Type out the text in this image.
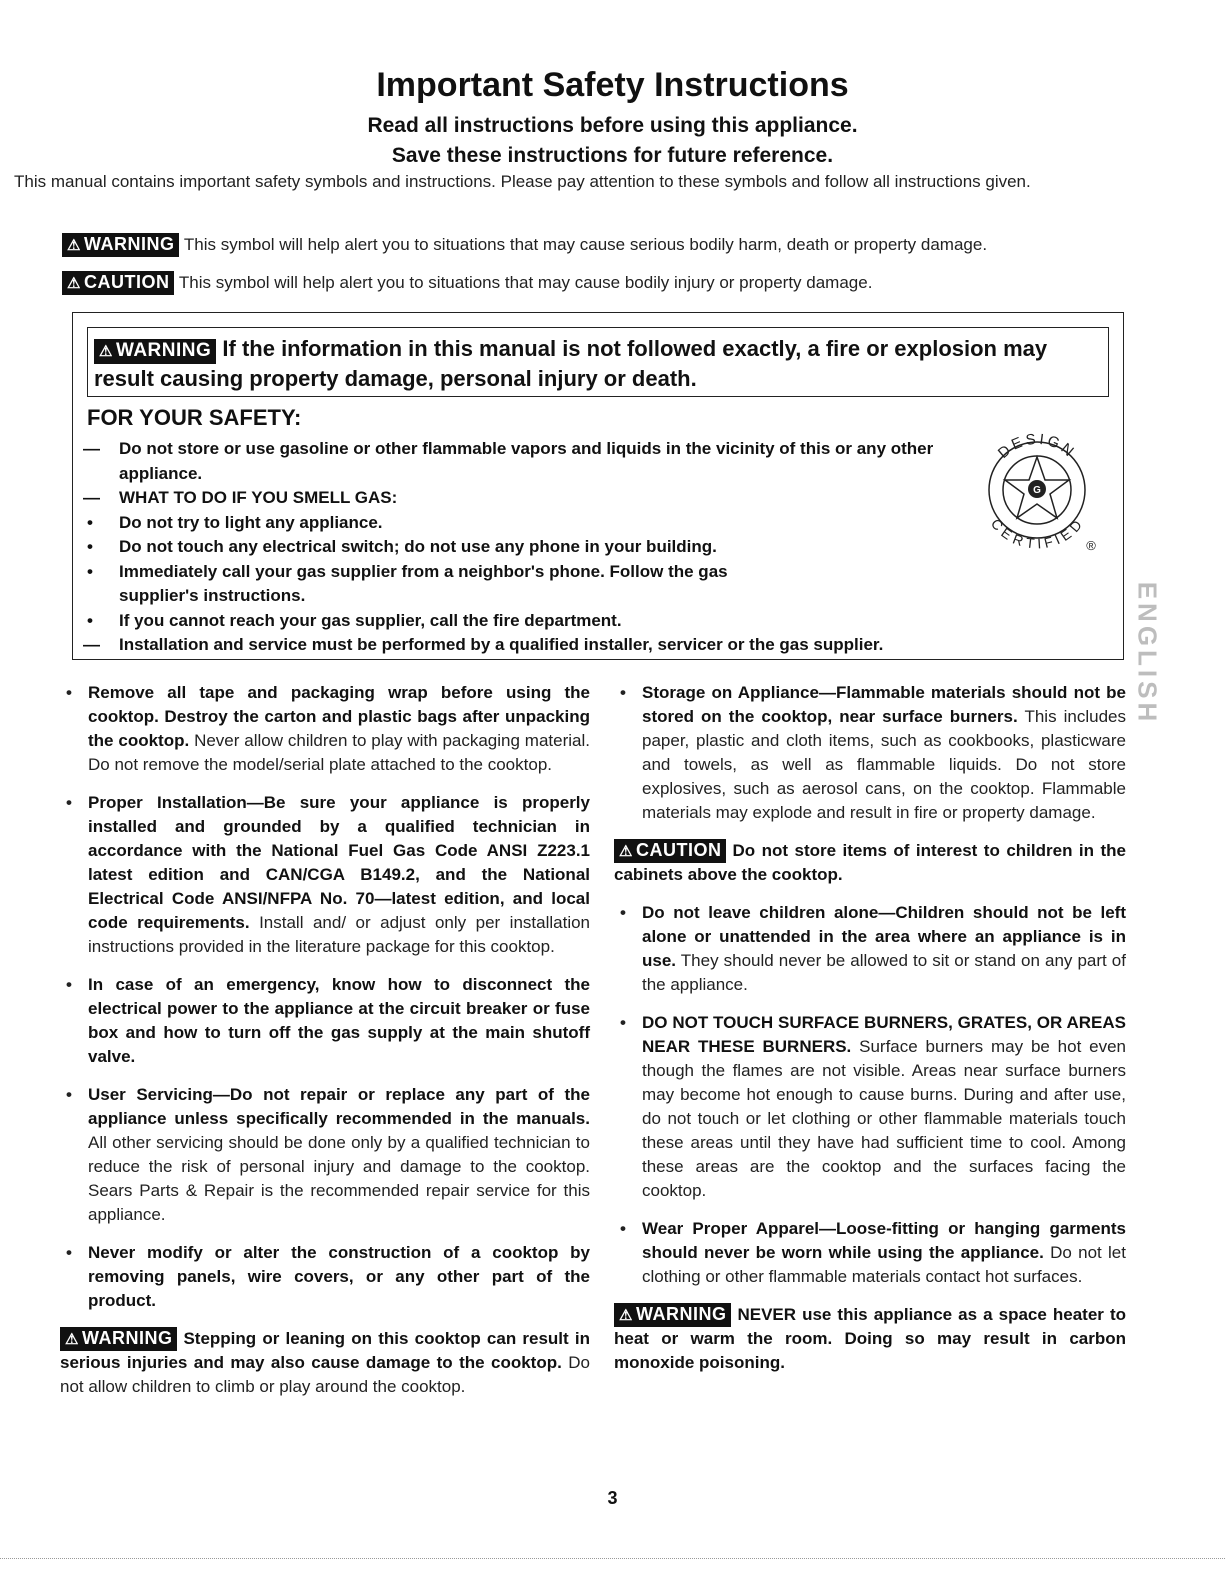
Important Safety Instructions
Read all instructions before using this appliance.
Save these instructions for future reference.
This manual contains important safety symbols and instructions. Please pay attention to these symbols and follow all instructions given.
⚠ WARNING This symbol will help alert you to situations that may cause serious bodily harm, death or property damage.
⚠ CAUTION This symbol will help alert you to situations that may cause bodily injury or property damage.
⚠ WARNING If the information in this manual is not followed exactly, a fire or explosion may result causing property damage, personal injury or death.
FOR YOUR SAFETY:
— Do not store or use gasoline or other flammable vapors and liquids in the vicinity of this or any other appliance.
— WHAT TO DO IF YOU SMELL GAS:
• Do not try to light any appliance.
• Do not touch any electrical switch; do not use any phone in your building.
• Immediately call your gas supplier from a neighbor's phone. Follow the gas supplier's instructions.
• If you cannot reach your gas supplier, call the fire department.
— Installation and service must be performed by a qualified installer, servicer or the gas supplier.
G
DESIGN
CERTIFIED
®
ENGLISH
• Remove all tape and packaging wrap before using the cooktop. Destroy the carton and plastic bags after unpacking the cooktop. Never allow children to play with packaging material. Do not remove the model/serial plate attached to the cooktop.
• Proper Installation—Be sure your appliance is properly installed and grounded by a qualified technician in accordance with the National Fuel Gas Code ANSI Z223.1 latest edition and CAN/CGA B149.2, and the National Electrical Code ANSI/NFPA No. 70—latest edition, and local code requirements. Install and/ or adjust only per installation instructions provided in the literature package for this cooktop.
• In case of an emergency, know how to disconnect the electrical power to the appliance at the circuit breaker or fuse box and how to turn off the gas supply at the main shutoff valve.
• User Servicing—Do not repair or replace any part of the appliance unless specifically recommended in the manuals. All other servicing should be done only by a qualified technician to reduce the risk of personal injury and damage to the cooktop. Sears Parts & Repair is the recommended repair service for this appliance.
• Never modify or alter the construction of a cooktop by removing panels, wire covers, or any other part of the product.

⚠ WARNING Stepping or leaning on this cooktop can result in serious injuries and may also cause damage to the cooktop. Do not allow children to climb or play around the cooktop.

• Storage on Appliance—Flammable materials should not be stored on the cooktop, near surface burners. This includes paper, plastic and cloth items, such as cookbooks, plasticware and towels, as well as flammable liquids. Do not store explosives, such as aerosol cans, on the cooktop. Flammable materials may explode and result in fire or property damage.

⚠ CAUTION Do not store items of interest to children in the cabinets above the cooktop.

• Do not leave children alone—Children should not be left alone or unattended in the area where an appliance is in use. They should never be allowed to sit or stand on any part of the appliance.
• DO NOT TOUCH SURFACE BURNERS, GRATES, OR AREAS NEAR THESE BURNERS. Surface burners may be hot even though the flames are not visible. Areas near surface burners may become hot enough to cause burns. During and after use, do not touch or let clothing or other flammable materials touch these areas until they have had sufficient time to cool. Among these areas are the cooktop and the surfaces facing the cooktop.
• Wear Proper Apparel—Loose-fitting or hanging garments should never be worn while using the appliance. Do not let clothing or other flammable materials contact hot surfaces.

⚠ WARNING NEVER use this appliance as a space heater to heat or warm the room. Doing so may result in carbon monoxide poisoning.

3
